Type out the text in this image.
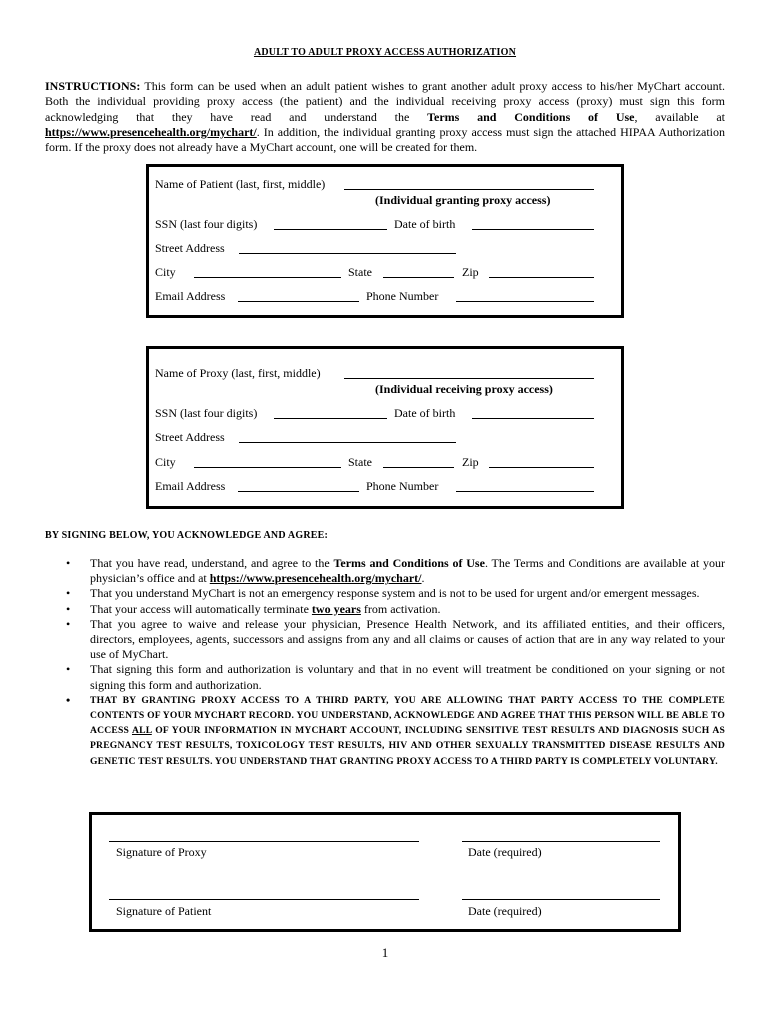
ADULT TO ADULT PROXY ACCESS AUTHORIZATION
INSTRUCTIONS: This form can be used when an adult patient wishes to grant another adult proxy access to his/her MyChart account. Both the individual providing proxy access (the patient) and the individual receiving proxy access (proxy) must sign this form acknowledging that they have read and understand the Terms and Conditions of Use, available at https://www.presencehealth.org/mychart/. In addition, the individual granting proxy access must sign the attached HIPAA Authorization form. If the proxy does not already have a MyChart account, one will be created for them.
Name of Patient (last, first, middle)
(Individual granting proxy access)
SSN (last four digits)	Date of birth
Street Address
City	State	Zip
Email Address	Phone Number
Name of Proxy (last, first, middle)
(Individual receiving proxy access)
SSN (last four digits)	Date of birth
Street Address
City	State	Zip
Email Address	Phone Number
BY SIGNING BELOW, YOU ACKNOWLEDGE AND AGREE:
• That you have read, understand, and agree to the Terms and Conditions of Use. The Terms and Conditions are available at your physician’s office and at https://www.presencehealth.org/mychart/.
• That you understand MyChart is not an emergency response system and is not to be used for urgent and/or emergent messages.
• That your access will automatically terminate two years from activation.
• That you agree to waive and release your physician, Presence Health Network, and its affiliated entities, and their officers, directors, employees, agents, successors and assigns from any and all claims or causes of action that are in any way related to your use of MyChart.
• That signing this form and authorization is voluntary and that in no event will treatment be conditioned on your signing or not signing this form and authorization.
• THAT BY GRANTING PROXY ACCESS TO A THIRD PARTY, YOU ARE ALLOWING THAT PARTY ACCESS TO THE COMPLETE CONTENTS OF YOUR MYCHART RECORD. YOU UNDERSTAND, ACKNOWLEDGE AND AGREE THAT THIS PERSON WILL BE ABLE TO ACCESS ALL OF YOUR INFORMATION IN MYCHART ACCOUNT, INCLUDING SENSITIVE TEST RESULTS AND DIAGNOSIS SUCH AS PREGNANCY TEST RESULTS, TOXICOLOGY TEST RESULTS, HIV AND OTHER SEXUALLY TRANSMITTED DISEASE RESULTS AND GENETIC TEST RESULTS. YOU UNDERSTAND THAT GRANTING PROXY ACCESS TO A THIRD PARTY IS COMPLETELY VOLUNTARY.
Signature of Proxy	Date (required)
Signature of Patient	Date (required)
1
